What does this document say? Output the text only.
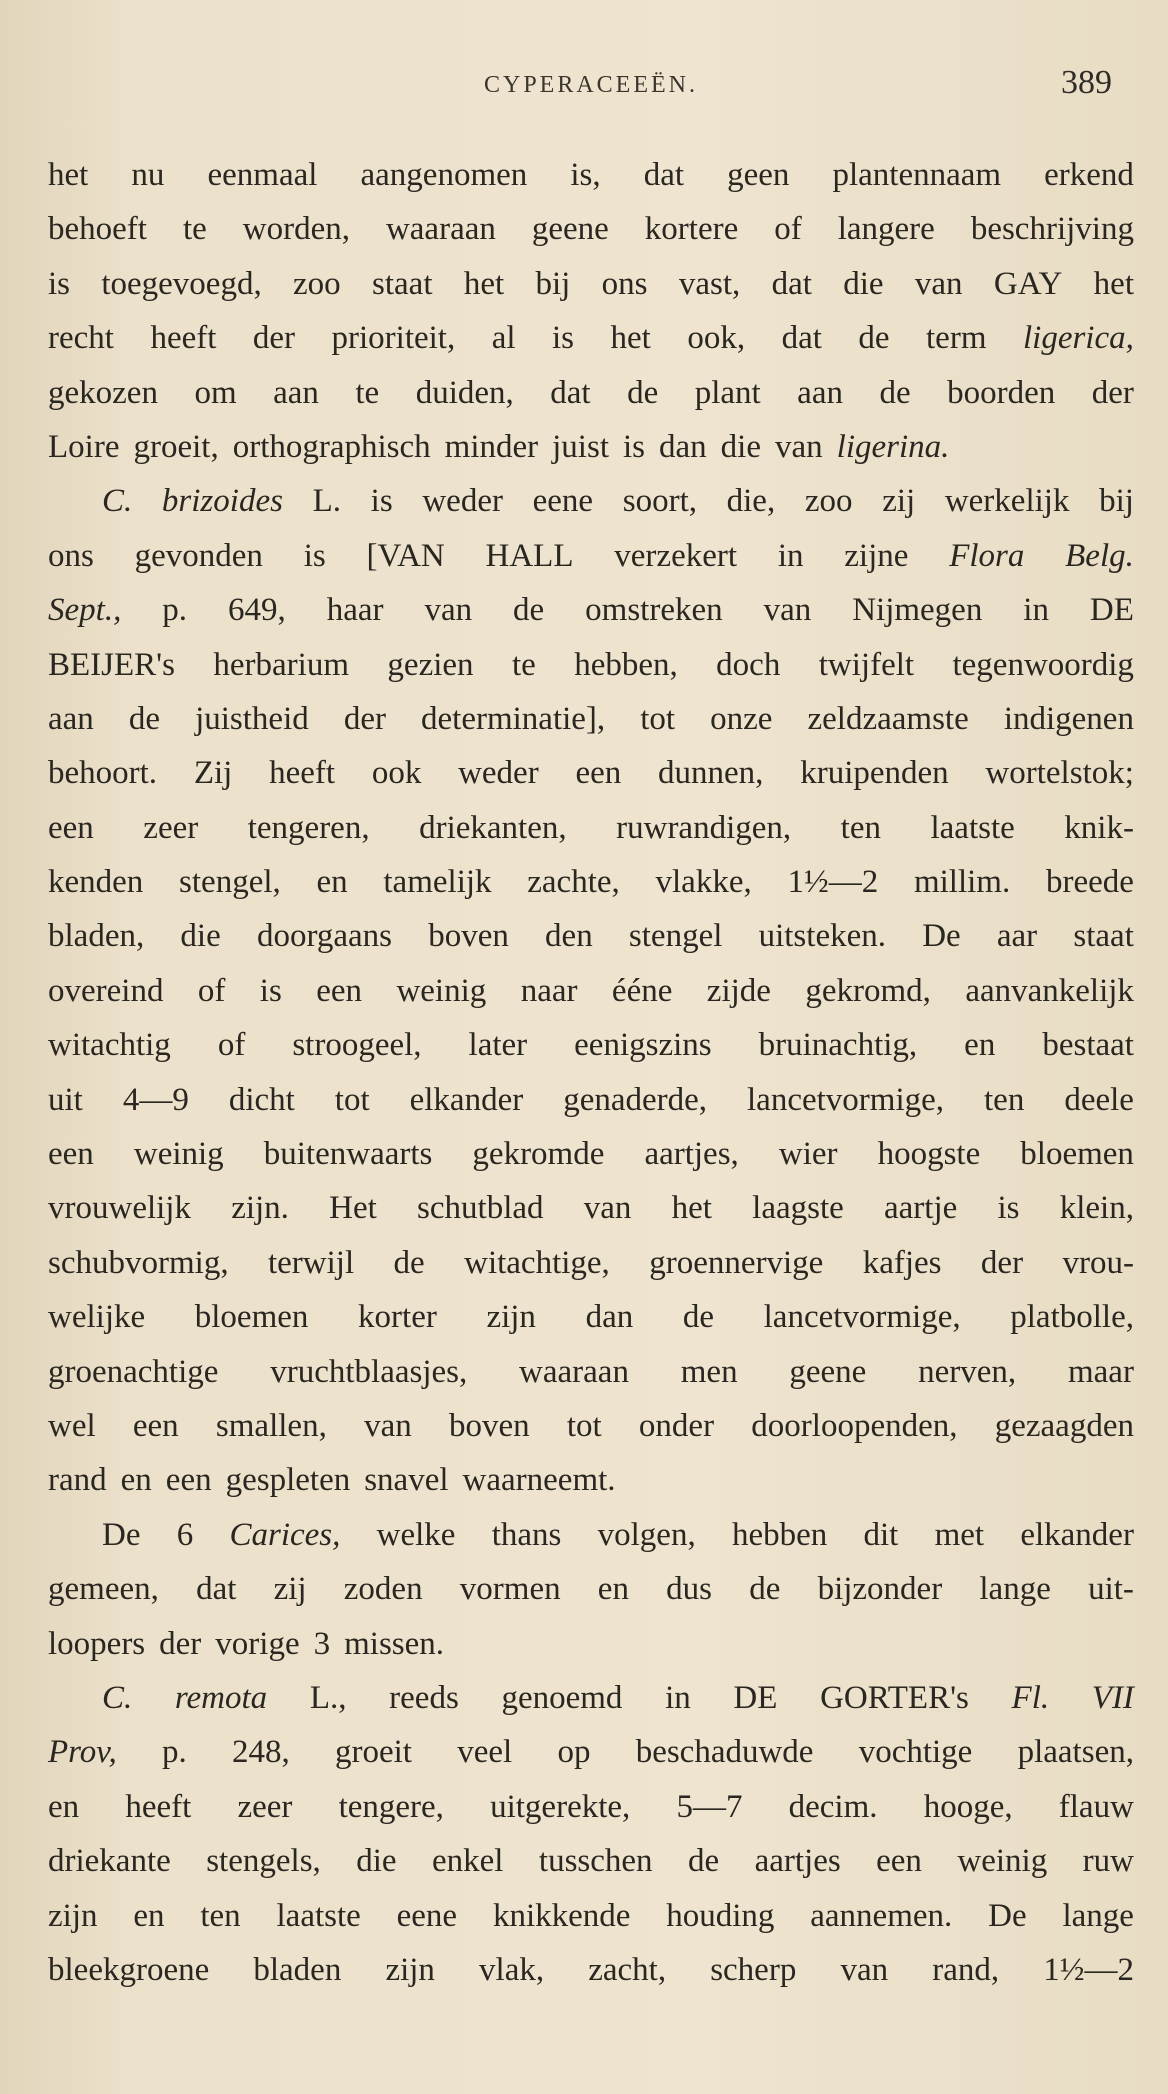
CYPERACEEËN.	389
het nu eenmaal aangenomen is, dat geen plantennaam erkend
behoeft te worden, waaraan geene kortere of langere beschrijving
is toegevoegd, zoo staat het bij ons vast, dat die van GAY het
recht heeft der prioriteit, al is het ook, dat de term ligerica,
gekozen om aan te duiden, dat de plant aan de boorden der
Loire groeit, orthographisch minder juist is dan die van ligerina.
C. brizoides L. is weder eene soort, die, zoo zij werkelijk bij
ons gevonden is [VAN HALL verzekert in zijne Flora Belg.
Sept., p. 649, haar van de omstreken van Nijmegen in DE
BEIJER's herbarium gezien te hebben, doch twijfelt tegenwoordig
aan de juistheid der determinatie], tot onze zeldzaamste indigenen
behoort. Zij heeft ook weder een dunnen, kruipenden wortelstok;
een zeer tengeren, driekanten, ruwrandigen, ten laatste knik-
kenden stengel, en tamelijk zachte, vlakke, 1½—2 millim. breede
bladen, die doorgaans boven den stengel uitsteken. De aar staat
overeind of is een weinig naar ééne zijde gekromd, aanvankelijk
witachtig of stroogeel, later eenigszins bruinachtig, en bestaat
uit 4—9 dicht tot elkander genaderde, lancetvormige, ten deele
een weinig buitenwaarts gekromde aartjes, wier hoogste bloemen
vrouwelijk zijn. Het schutblad van het laagste aartje is klein,
schubvormig, terwijl de witachtige, groennervige kafjes der vrou-
welijke bloemen korter zijn dan de lancetvormige, platbolle,
groenachtige vruchtblaasjes, waaraan men geene nerven, maar
wel een smallen, van boven tot onder doorloopenden, gezaagden
rand en een gespleten snavel waarneemt.
De 6 Carices, welke thans volgen, hebben dit met elkander
gemeen, dat zij zoden vormen en dus de bijzonder lange uit-
loopers der vorige 3 missen.
C. remota L., reeds genoemd in DE GORTER's Fl. VII
Prov, p. 248, groeit veel op beschaduwde vochtige plaatsen,
en heeft zeer tengere, uitgerekte, 5—7 decim. hooge, flauw
driekante stengels, die enkel tusschen de aartjes een weinig ruw
zijn en ten laatste eene knikkende houding aannemen. De lange
bleekgroene bladen zijn vlak, zacht, scherp van rand, 1½—2
